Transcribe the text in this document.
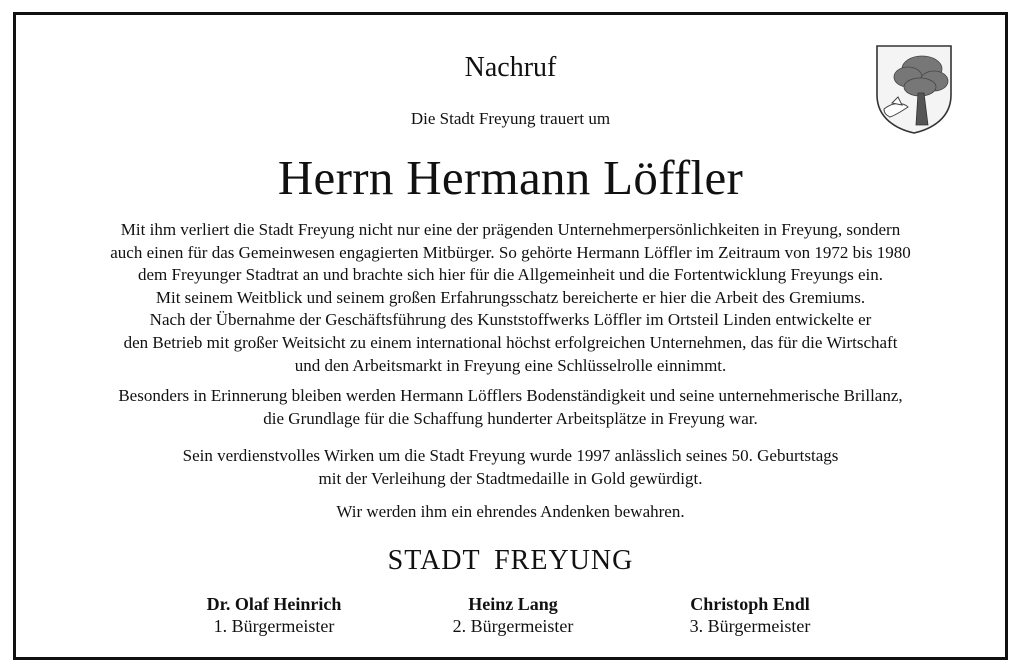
Nachruf
Die Stadt Freyung trauert um
Herrn Hermann Löffler
Mit ihm verliert die Stadt Freyung nicht nur eine der prägenden Unternehmerpersönlichkeiten in Freyung, sondern
auch einen für das Gemeinwesen engagierten Mitbürger. So gehörte Hermann Löffler im Zeitraum von 1972 bis 1980
dem Freyunger Stadtrat an und brachte sich hier für die Allgemeinheit und die Fortentwicklung Freyungs ein.
Mit seinem Weitblick und seinem großen Erfahrungsschatz bereicherte er hier die Arbeit des Gremiums.
Nach der Übernahme der Geschäftsführung des Kunststoffwerks Löffler im Ortsteil Linden entwickelte er
den Betrieb mit großer Weitsicht zu einem international höchst erfolgreichen Unternehmen, das für die Wirtschaft
und den Arbeitsmarkt in Freyung eine Schlüsselrolle einnimmt.
Besonders in Erinnerung bleiben werden Hermann Löfflers Bodenständigkeit und seine unternehmerische Brillanz,
die Grundlage für die Schaffung hunderter Arbeitsplätze in Freyung war.
Sein verdienstvolles Wirken um die Stadt Freyung wurde 1997 anlässlich seines 50. Geburtstags
mit der Verleihung der Stadtmedaille in Gold gewürdigt.
Wir werden ihm ein ehrendes Andenken bewahren.
STADT FREYUNG
Dr. Olaf Heinrich
1. Bürgermeister
Heinz Lang
2. Bürgermeister
Christoph Endl
3. Bürgermeister
